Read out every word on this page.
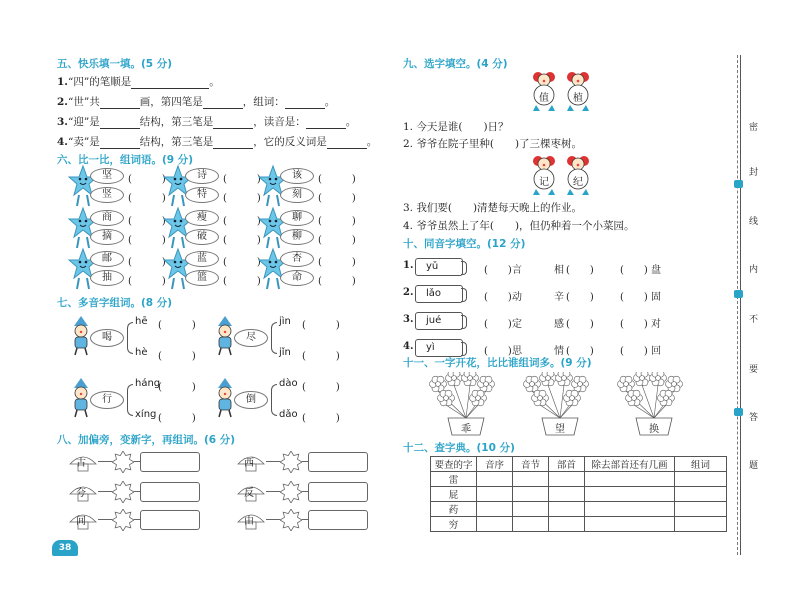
五、快乐填一填。(5 分)
1.“四”的笔顺是	。
2.“世”共	画，第四笔是	，组词：	。
3.“迎”是	结构，第三笔是	，读音是：	。
4.“卖”是	结构，第三笔是	，它的反义词是	。
六、比一比，组词语。(9 分)
坚	(　　　)
竖	(　　　)
诗	(　　　)
特	(　　　)
该	(　　　)
刻	(　　　)
商	(　　　)
摘	(　　　)
瘦	(　　　)
破	(　　　)
聊	(　　　)
柳	(　　　)
邮	(　　　)
抽	(　　　)
蓝	(　　　)
篮	(　　　)
杏	(　　　)
命	(　　　)
七、多音字组词。(8 分)
喝
hē (　　　)
hè (　　　)
尽
jìn (　　　)
jǐn (　　　)
行
háng
(　　　)
xíng (　　　)
倒
dào (　　　)
dǎo (　　　)
八、加偏旁，变新字，再组词。(6 分)
古
夸
间
西
反
由
38
九、选字填空。(4 分)
值 植
记 纪
1. 今天是谁(　　)日？
2. 爷爷在院子里种(　　)了三棵枣树。
3. 我们要(　　)清楚每天晚上的作业。
4. 爷爷虽然上了年(　　)，但仍种着一个小菜园。
十、同音字填空。(12 分)
1.	yǔ	(　　) 言	相 (　　)	(　　) 盘
2.	lǎo	(　　) 动	辛 (　　)	(　　) 固
3.	jué	(　　) 定	感 (　　)	(　　) 对
4.	yì	(　　) 思	情 (　　)	(　　) 回
十一、一字开花，比比谁组词多。(9 分)
乖	望	换
十二、查字典。(10 分)
要查的字	音序	音节	部首	除去部首还有几画	组词
雷					
屁					
药					
穷					
密
封
线
内
不
要
答
题
